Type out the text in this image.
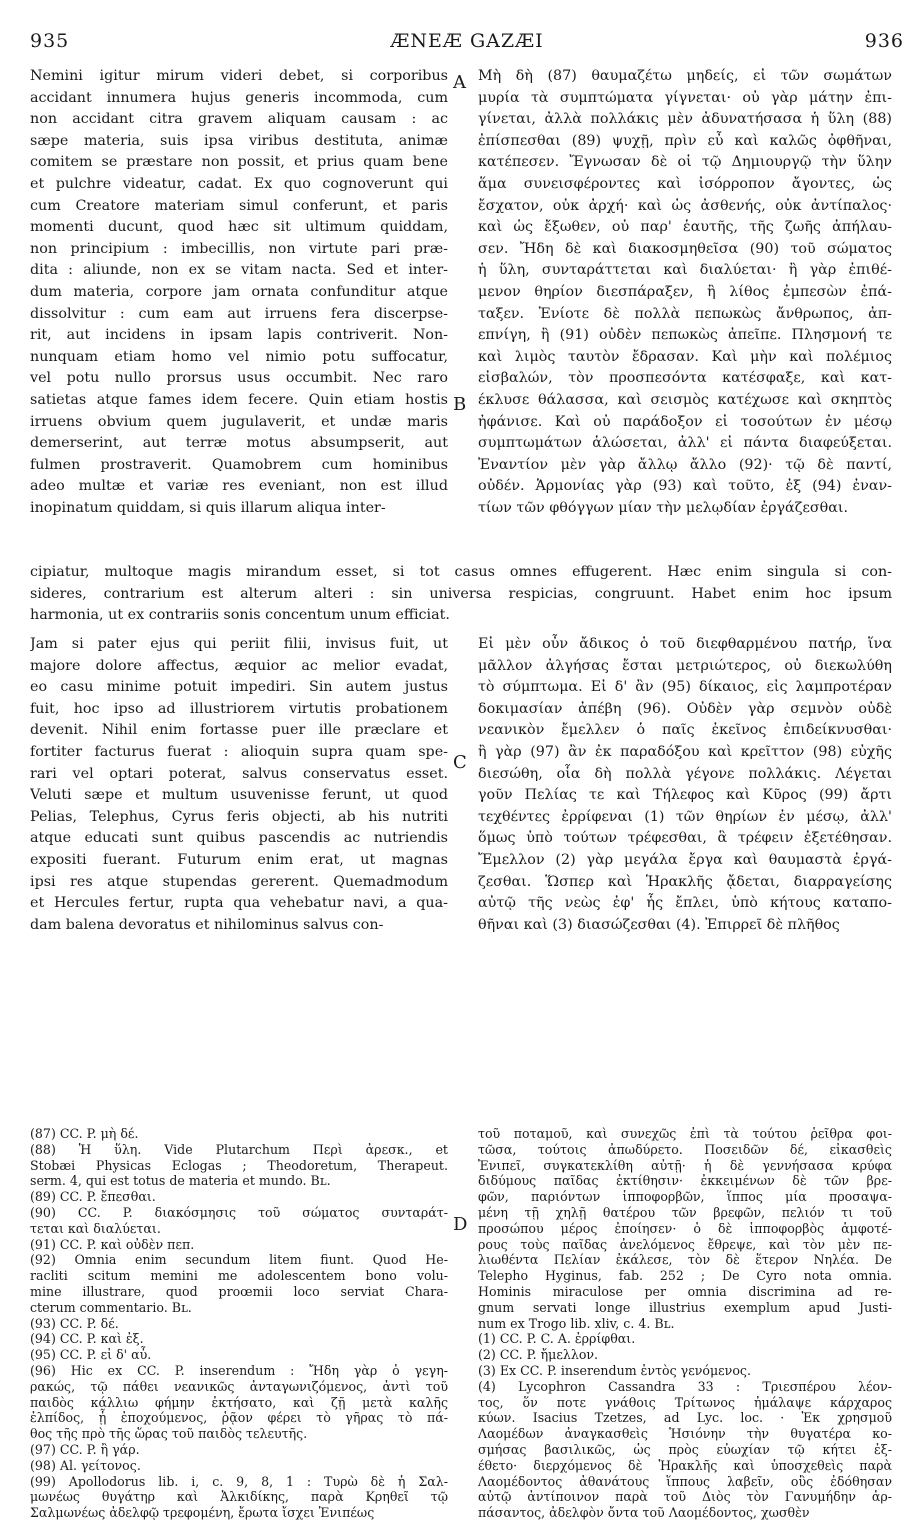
935	ÆNEÆ GAZÆI	936
Nemini igitur mirum videri debet, si corporibus
accidant innumera hujus generis incommoda, cum
non accidant citra gravem aliquam causam : ac
sæpe materia, suis ipsa viribus destituta, animæ
comitem se præstare non possit, et prius quam bene
et pulchre videatur, cadat. Ex quo cognoverunt qui
cum Creatore materiam simul conferunt, et paris
momenti ducunt, quod hæc sit ultimum quiddam,
non principium : imbecillis, non virtute pari præ-
dita : aliunde, non ex se vitam nacta. Sed et inter-
dum materia, corpore jam ornata confunditur atque
dissolvitur : cum eam aut irruens fera discerpse-
rit, aut incidens in ipsam lapis contriverit. Non-
nunquam etiam homo vel nimio potu suffocatur,
vel potu nullo prorsus usus occumbit. Nec raro
satietas atque fames idem fecere. Quin etiam hostis
irruens obvium quem jugulaverit, et undæ maris
demerserint, aut terræ motus absumpserit, aut
fulmen prostraverit. Quamobrem cum hominibus
adeo multæ et variæ res eveniant, non est illud
inopinatum quiddam, si quis illarum aliqua inter-
Μὴ δὴ (87) θαυμαζέτω μηδείς, εἰ τῶν σωμάτων
μυρία τὰ συμπτώματα γίγνεται· οὐ γὰρ μάτην ἐπι-
γίνεται, ἀλλὰ πολλάκις μὲν ἀδυνατήσασα ἡ ὕλη (88)
ἐπίσπεσθαι (89) ψυχῇ, πρὶν εὖ καὶ καλῶς ὀφθῆναι,
κατέπεσεν. Ἔγνωσαν δὲ οἱ τῷ Δημιουργῷ τὴν ὕλην
ἅμα συνεισφέροντες καὶ ἰσόρροπον ἄγοντες, ὡς
ἔσχατον, οὐκ ἀρχή· καὶ ὡς ἀσθενής, οὐκ ἀντίπαλος·
καὶ ὡς ἔξωθεν, οὐ παρ' ἑαυτῆς, τῆς ζωῆς ἀπήλαυ-
σεν. Ἤδη δὲ καὶ διακοσμηθεῖσα (90) τοῦ σώματος
ἡ ὕλη, συνταράττεται καὶ διαλύεται· ἢ γὰρ ἐπιθέ-
μενον θηρίον διεσπάραξεν, ἢ λίθος ἐμπεσὼν ἐπά-
ταξεν. Ἐνίοτε δὲ πολλὰ πεπωκὼς ἄνθρωπος, ἀπ-
επνίγη, ἢ (91) οὐδὲν πεπωκὼς ἀπεῖπε. Πλησμονή τε
καὶ λιμὸς ταυτὸν ἔδρασαν. Καὶ μὴν καὶ πολέμιος
εἰσβαλών, τὸν προσπεσόντα κατέσφαξε, καὶ κατ-
έκλυσε θάλασσα, καὶ σεισμὸς κατέχωσε καὶ σκηπτὸς
ἠφάνισε. Καὶ οὐ παράδοξον εἰ τοσούτων ἐν μέσῳ
συμπτωμάτων ἁλώσεται, ἀλλ' εἰ πάντα διαφεύξεται.
Ἐναντίον μὲν γὰρ ἄλλῳ ἄλλο (92)· τῷ δὲ παντί,
οὐδέν. Ἁρμονίας γὰρ (93) καὶ τοῦτο, ἐξ (94) ἐναν-
τίων τῶν φθόγγων μίαν τὴν μελῳδίαν ἐργάζεσθαι.
cipiatur, multoque magis mirandum esset, si tot casus omnes effugerent. Hæc enim singula si con-
sideres, contrarium est alterum alteri : sin universa respicias, congruunt. Habet enim hoc ipsum
harmonia, ut ex contrariis sonis concentum unum efficiat.
Jam si pater ejus qui periit filii, invisus fuit, ut
majore dolore affectus, æquior ac melior evadat,
eo casu minime potuit impediri. Sin autem justus
fuit, hoc ipso ad illustriorem virtutis probationem
devenit. Nihil enim fortasse puer ille præclare et
fortiter facturus fuerat : alioquin supra quam spe-
rari vel optari poterat, salvus conservatus esset.
Veluti sæpe et multum usuvenisse ferunt, ut quod
Pelias, Telephus, Cyrus feris objecti, ab his nutriti
atque educati sunt quibus pascendis ac nutriendis
expositi fuerant. Futurum enim erat, ut magnas
ipsi res atque stupendas gererent. Quemadmodum
et Hercules fertur, rupta qua vehebatur navi, a qua-
dam balena devoratus et nihilominus salvus con-
Εἰ μὲν οὖν ἄδικος ὁ τοῦ διεφθαρμένου πατήρ, ἵνα
μᾶλλον ἀλγήσας ἔσται μετριώτερος, οὐ διεκωλύθη
τὸ σύμπτωμα. Εἰ δ' ἂν (95) δίκαιος, εἰς λαμπροτέραν
δοκιμασίαν ἀπέβη (96). Οὐδὲν γὰρ σεμνὸν οὐδὲ
νεανικὸν ἔμελλεν ὁ παῖς ἐκεῖνος ἐπιδείκνυσθαι·
ἢ γὰρ (97) ἂν ἐκ παραδόξου καὶ κρεῖττον (98) εὐχῆς
διεσώθη, οἷα δὴ πολλὰ γέγονε πολλάκις. Λέγεται
γοῦν Πελίας τε καὶ Τήλεφος καὶ Κῦρος (99) ἄρτι
τεχθέντες ἐρρίφεναι (1) τῶν θηρίων ἐν μέσῳ, ἀλλ'
ὅμως ὑπὸ τούτων τρέφεσθαι, ἃ τρέφειν ἐξετέθησαν.
Ἔμελλον (2) γὰρ μεγάλα ἔργα καὶ θαυμαστὰ ἐργά-
ζεσθαι. Ὥσπερ καὶ Ἡρακλῆς ᾄδεται, διαρραγείσης
αὐτῷ τῆς νεὼς ἐφ' ἧς ἔπλει, ὑπὸ κήτους καταπο-
θῆναι καὶ (3) διασώζεσθαι (4). Ἐπιρρεῖ δὲ πλῆθος
(87) CC. P. μὴ δέ.
(88) Ἡ ὕλη. Vide Plutarchum Περὶ ἀρεσκ., et
Stobæi Physicas Eclogas ; Theodoretum, Therapeut.
serm. 4, qui est totus de materia et mundo. Bʟ.
(89) CC. P. ἔπεσθαι.
(90) CC. P. διακόσμησις τοῦ σώματος συνταράτ-
τεται καὶ διαλύεται.
(91) CC. P. καὶ οὐδὲν πεπ.
(92) Omnia enim secundum litem fiunt. Quod He-
racliti scitum memini me adolescentem bono volu-
mine illustrare, quod proœmii loco serviat Chara-
cterum commentario. Bʟ.
(93) CC. P. δέ.
(94) CC. P. καὶ ἐξ.
(95) CC. P. εἰ δ' αὖ.
(96) Hic ex CC. P. inserendum : Ἤδη γὰρ ὁ γεγη-
ρακώς, τῷ πάθει νεανικῶς ἀνταγωνιζόμενος, ἀντὶ τοῦ
παιδὸς κάλλιω φήμην ἐκτήσατο, καὶ ζῇ μετὰ καλῆς
ἐλπίδος, ᾗ ἐποχούμενος, ῥᾷον φέρει τὸ γῆρας τὸ πά-
θος τῆς πρὸ τῆς ὥρας τοῦ παιδὸς τελευτῆς.
(97) CC. P. ἢ γάρ.
(98) Al. γείτονος.
(99) Apollodorus lib. i, c. 9, 8, 1 : Τυρὼ δὲ ἡ Σαλ-
μωνέως θυγάτηρ καὶ Ἀλκιδίκης, παρὰ Κρηθεῖ τῷ
Σαλμωνέως ἀδελφῷ τρεφομένη, ἔρωτα ἴσχει Ἐνιπέως
τοῦ ποταμοῦ, καὶ συνεχῶς ἐπὶ τὰ τούτου ῥεῖθρα φοι-
τῶσα, τούτοις ἀπωδύρετο. Ποσειδῶν δέ, εἰκασθεὶς
Ἐνιπεῖ, συγκατεκλίθη αὐτῇ· ἡ δὲ γεννήσασα κρύφα
διδύμους παῖδας ἐκτίθησιν· ἐκκειμένων δὲ τῶν βρε-
φῶν, παριόντων ἱπποφορβῶν, ἵππος μία προσαψα-
μένη τῇ χηλῇ θατέρου τῶν βρεφῶν, πελιόν τι τοῦ
προσώπου μέρος ἐποίησεν· ὁ δὲ ἱπποφορβὸς ἀμφοτέ-
ρους τοὺς παῖδας ἀνελόμενος ἔθρεψε, καὶ τὸν μὲν πε-
λιωθέντα Πελίαν ἐκάλεσε, τὸν δὲ ἕτερον Νηλέα. De
Telepho Hyginus, fab. 252 ; De Cyro nota omnia.
Hominis miraculose per omnia discrimina ad re-
gnum servati longe illustrius exemplum apud Justi-
num ex Trogo lib. xliv, c. 4. Bʟ.
(1) CC. P. C. A. ἐρρίφθαι.
(2) CC. P. ἤμελλον.
(3) Ex CC. P. inserendum ἐντὸς γενόμενος.
(4) Lycophron Cassandra 33 : Τριεσπέρου λέον-
τος, ὅν ποτε γνάθοις Τρίτωνος ἠμάλαψε κάρχαρος
κύων. Isacius Tzetzes, ad Lyc. loc. · Ἐκ χρησμοῦ
Λαομέδων ἀναγκασθεὶς Ἡσιόνην τὴν θυγατέρα κο-
σμήσας βασιλικῶς, ὡς πρὸς εὐωχίαν τῷ κήτει ἐξ-
έθετο· διερχόμενος δὲ Ἡρακλῆς καὶ ὑποσχεθεὶς παρὰ
Λαομέδοντος ἀθανάτους ἵππους λαβεῖν, οὓς ἐδόθησαν
αὐτῷ ἀντίποινον παρὰ τοῦ Διὸς τὸν Γανυμήδην ἁρ-
πάσαντος, ἀδελφὸν ὄντα τοῦ Λαομέδοντος, χωσθὲν
A
B
C
D
